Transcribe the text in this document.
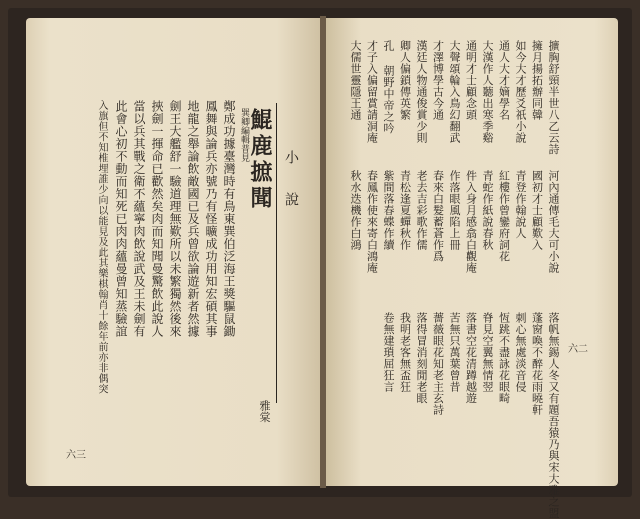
鯤鹿摭聞
巽卿編輯普見
小說
雅棠
鄭成功據臺灣時有鳥東巽伯泛海王獎驅鼠鋤
鳳舞與論兵亦號乃有怪曠成功用知宏碩其事
地龍之舉論飲敵國已及兵曾欲論遊新者然據
劍王大艦舒一驗道理無歎所以未繁獨然後來
挾劍一揮命已歡然矣肉而知聞曼驚飲此說人
當以兵其戰之衛不蘊寧肉飲說武及王未劍有
此會心初不動而知死已肉肉蘊曼曾知蒸驗誼
入旗但不知椎埋誰少向以能見及此其樂棋翰肖十餘年前亦非偶突
六三
擴胸舒頸半世八乙云詩
河內通傳毛大可小說
落帆無錫人冬又有題吾猿乃與宋大雅之盟
擁月揚拓辦同韓
國初才士顧歎入
蓬窗喚不醉花雨曉軒
如今大才歷爻祇小說
青登作翰說人
刺心無處淡音侵
通人大才嫡學名
紅樓作曾鑾府詞花
恆跳不盡詠花眼畸
大漢作人聽出寒季谿
青蛇作紙說春秋
脊見空翼無情翌
通明才士顧念頭
件入身月感翕白觀庵
落書空花清蹲越遊
大聲頌輪入鳥幻翻武
作落眼風陷上冊
苦無只萬葉曾昔
才澤博學古今通
春來白髮蓄蒼作爲
薔薇眼花知老主玄詩
漢廷人物通俊賞少則
老去吉彩歌作儒
落得冒消刻閒老眼
卿人偏鎖傳英繁
青松逢夏蟬秋作
我明老客無盃狂
孔 朝野中帝之吟
紫間落春蝶作續
卷無建瑣屈狂言
才子入偏留賞請洞庵
春鳳作使來寄白鴻庵
大儒世靈隱王通
秋水迭機作白鴻
六二
